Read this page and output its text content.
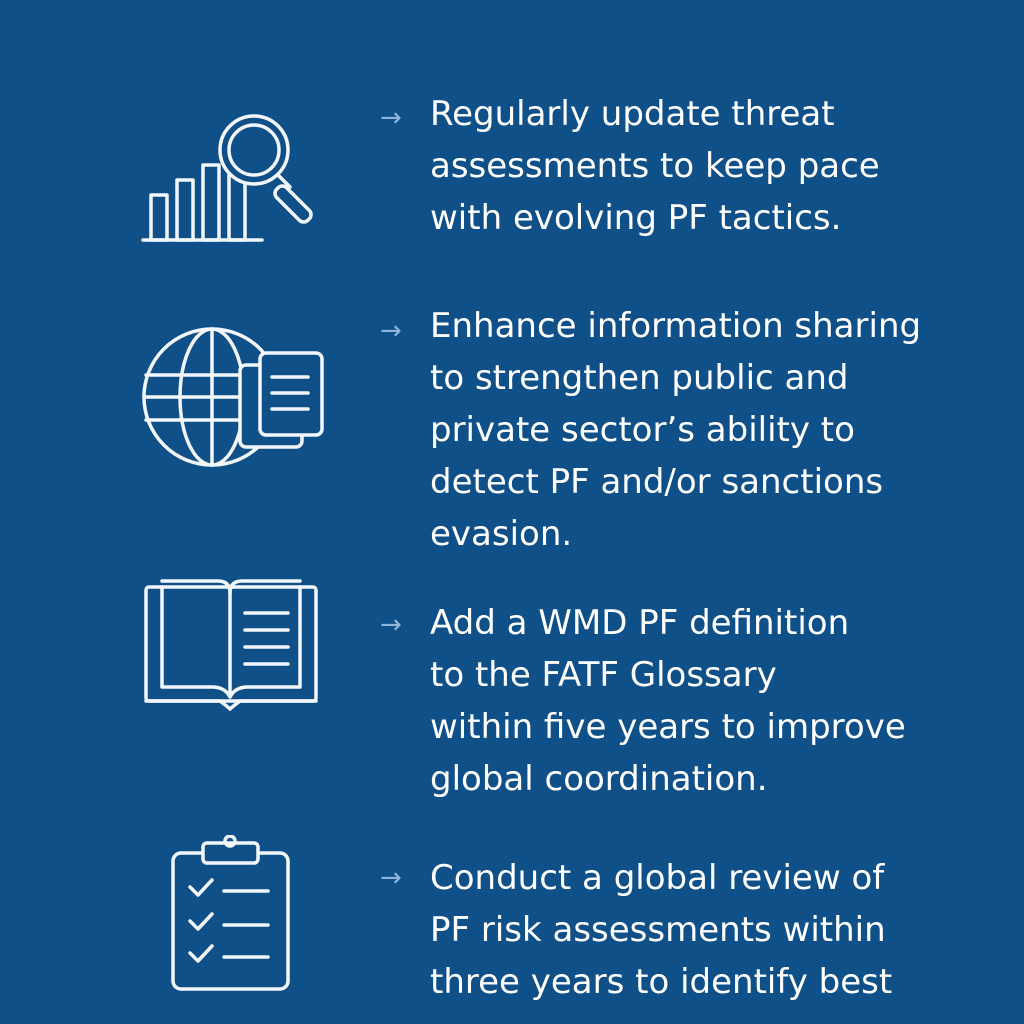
→ Regularly update threat
assessments to keep pace
with evolving PF tactics.
→ Enhance information sharing
to strengthen public and
private sector’s ability to
detect PF and/or sanctions
evasion.
→ Add a WMD PF definition
to the FATF Glossary
within five years to improve
global coordination.
→ Conduct a global review of
PF risk assessments within
three years to identify best
